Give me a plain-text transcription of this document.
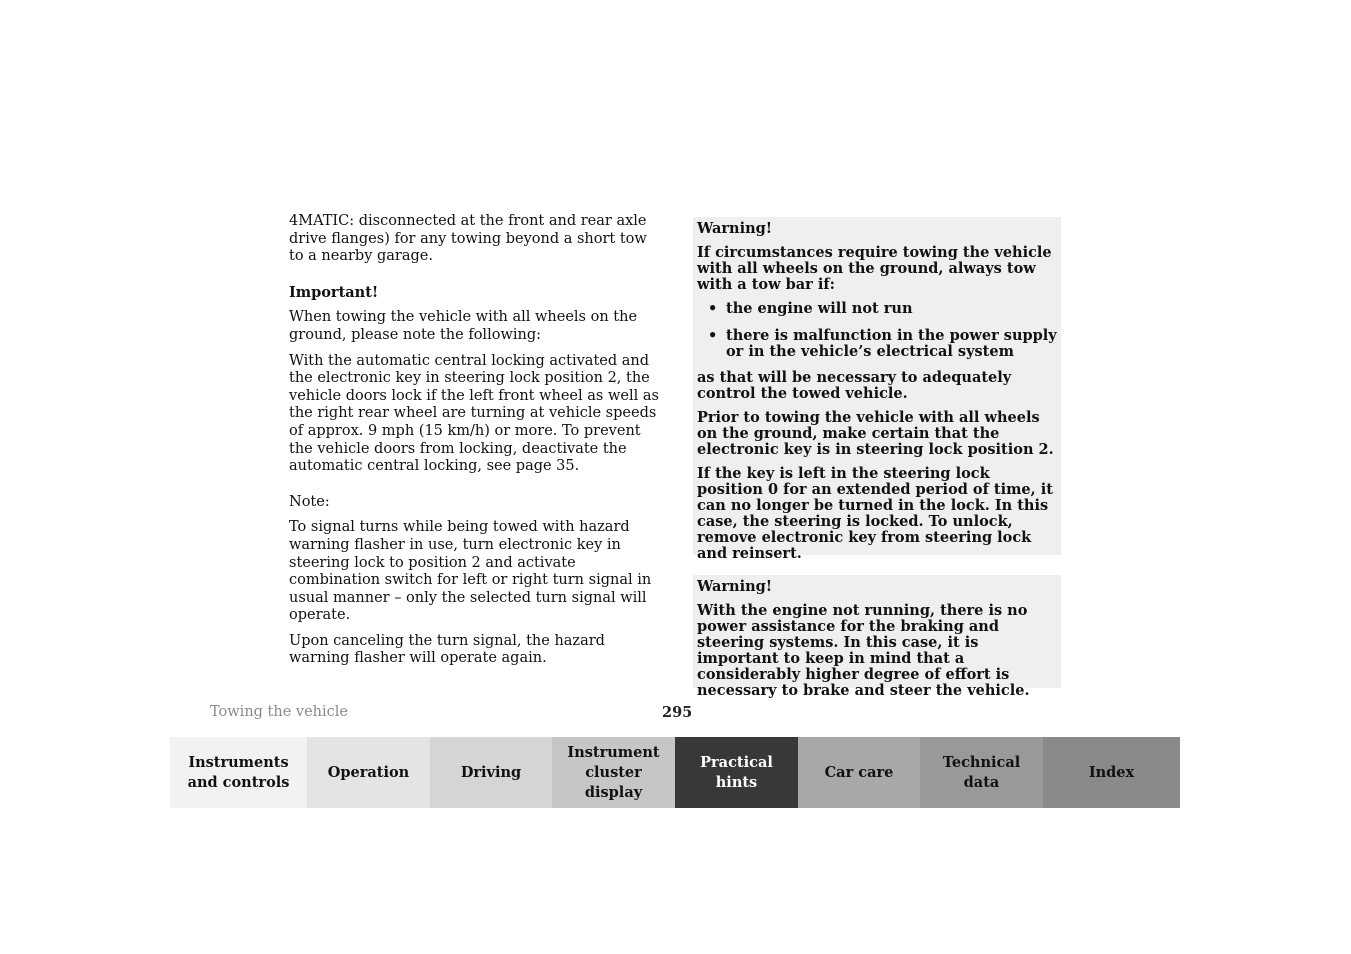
4MATIC: disconnected at the front and rear axle drive flanges) for any towing beyond a short tow to a nearby garage.

Important!

When towing the vehicle with all wheels on the ground, please note the following:

With the automatic central locking activated and the electronic key in steering lock position 2, the vehicle doors lock if the left front wheel as well as the right rear wheel are turning at vehicle speeds of approx. 9 mph (15 km/h) or more. To prevent the vehicle doors from locking, deactivate the automatic central locking, see page 35.

Note:

To signal turns while being towed with hazard warning flasher in use, turn electronic key in steering lock to position 2 and activate combination switch for left or right turn signal in usual manner – only the selected turn signal will operate.

Upon canceling the turn signal, the hazard warning flasher will operate again.

Warning!

If circumstances require towing the vehicle with all wheels on the ground, always tow with a tow bar if:

• the engine will not run
• there is malfunction in the power supply or in the vehicle’s electrical system

as that will be necessary to adequately control the towed vehicle.

Prior to towing the vehicle with all wheels on the ground, make certain that the electronic key is in steering lock position 2.

If the key is left in the steering lock position 0 for an extended period of time, it can no longer be turned in the lock. In this case, the steering is locked. To unlock, remove electronic key from steering lock and reinsert.

Warning!

With the engine not running, there is no power assistance for the braking and steering systems. In this case, it is important to keep in mind that a considerably higher degree of effort is necessary to brake and steer the vehicle.

Towing the vehicle	295
Instruments
and controls
Operation	Driving
Instrument
cluster display
Practical hints
Car care
Technical
data
Index
